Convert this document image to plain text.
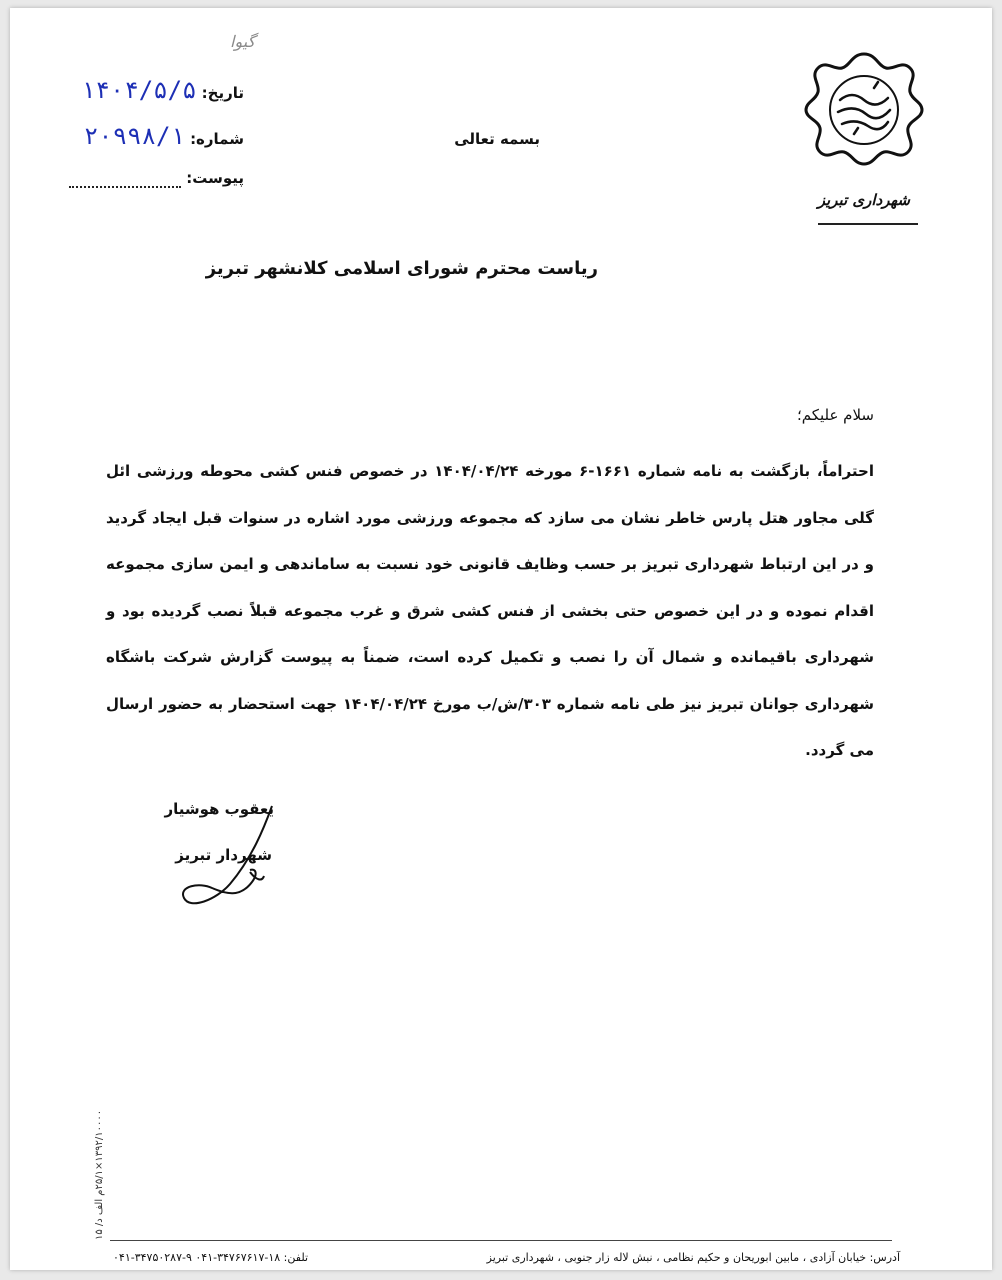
گیوا
تاریخ: ۱۴۰۴/۵/۵
شماره: ۲۰۹۹۸/۱
پیوست:
بسمه تعالی
شهرداری تبریز
ریاست محترم شورای اسلامی کلانشهر تبریز
سلام علیکم؛
احتراماً، بازگشت به نامه شماره ۱۶۶۱-۶ مورخه ۱۴۰۴/۰۴/۲۴ در خصوص فنس کشی محوطه ورزشی ائل گلی مجاور هتل پارس خاطر نشان می سازد که مجموعه ورزشی مورد اشاره در سنوات قبل ایجاد گردید و در این ارتباط شهرداری تبریز بر حسب وظایف قانونی خود نسبت به ساماندهی و ایمن سازی مجموعه اقدام نموده و در این خصوص حتی بخشی از فنس کشی شرق و غرب مجموعه قبلاً نصب گردیده بود و شهرداری باقیمانده و شمال آن را نصب و تکمیل کرده است، ضمناً به پیوست گزارش شرکت باشگاه شهرداری جوانان تبریز نیز طی نامه شماره ۳۰۳/ش/ب مورخ ۱۴۰۴/۰۴/۲۴ جهت استحضار به حضور ارسال می گردد.
یعقوب هوشیار
شهردار تبریز
۱۳۹۲/۱۰۰۰۰×۲۵/۱م الف د/ ۱۵
آدرس: خیابان آزادی ، مابین ابوریحان و حکیم نظامی ، نبش لاله زار جنوبی ، شهرداری تبریز
تلفن: ۱۸-۳۴۷۶۷۶۱۷-۰۴۱ ۹-۳۴۷۵۰۲۸۷-۰۴۱
